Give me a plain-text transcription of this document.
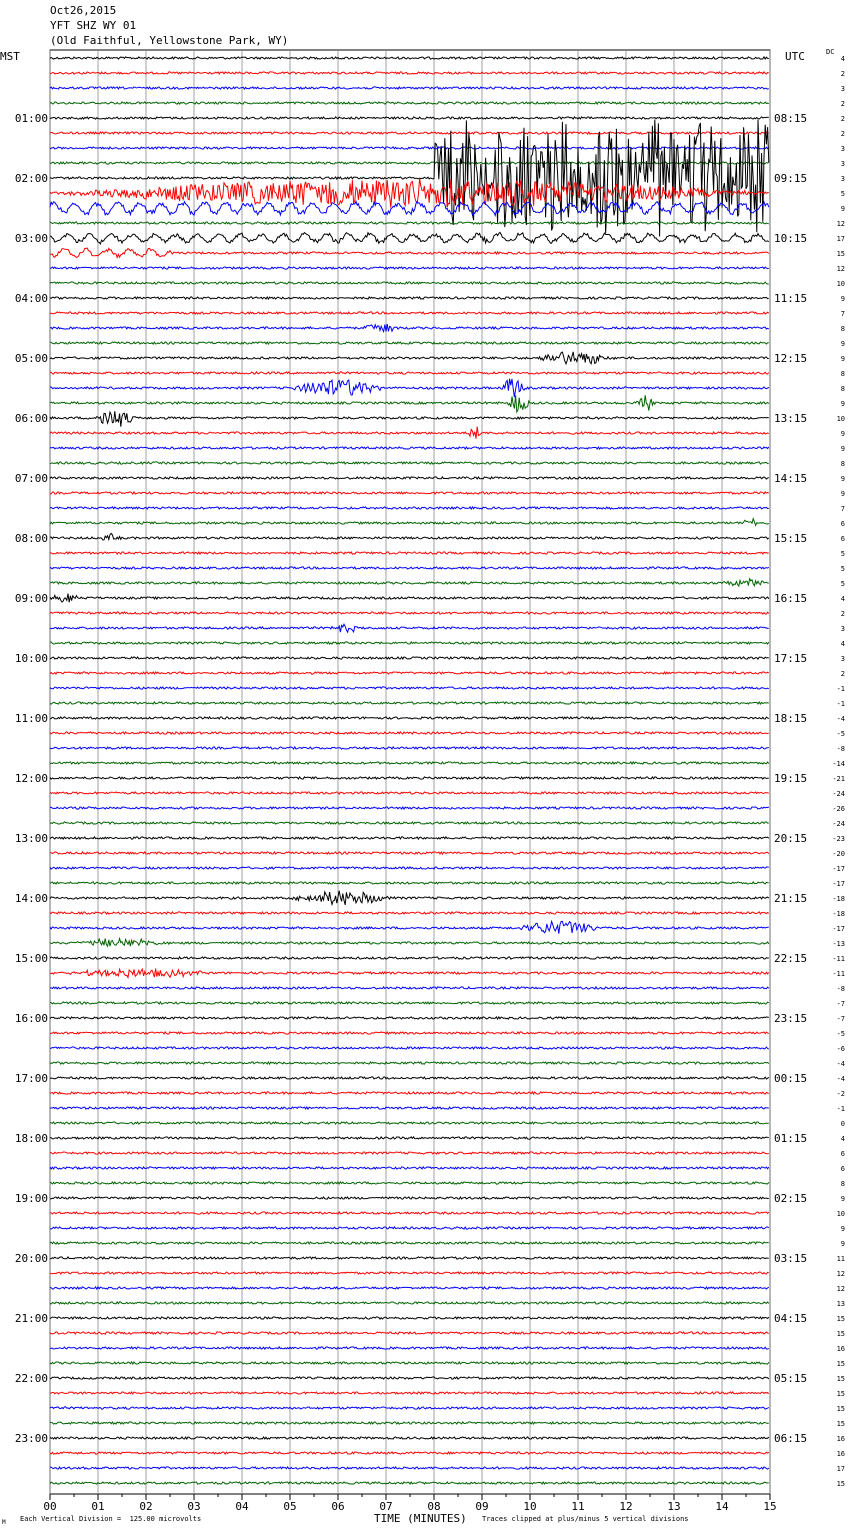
Oct26,2015
YFT SHZ WY 01
(Old Faithful, Yellowstone Park, WY)
MST	UTC	DC
00	01	02	03	04	05	06	07	08	09	10	11	12	13	14	15
4
2
3
2
2
01:00	08:15
2
3
3
3
02:00	09:15
5
9
12
17
03:00	10:15
15
12
10
9
04:00	11:15
7
8
9
9
05:00	12:15
8
8
9
10
06:00	13:15
9
9
8
9
07:00	14:15
9
7
6
6
08:00	15:15
5
5
5
4
09:00	16:15
2
3
4
3
10:00	17:15
2
-1
-1
-4
11:00	18:15
-5
-8
-14
-21
12:00	19:15
-24
-26
-24
-23
13:00	20:15
-20
-17
-17
-18
14:00	21:15
-18
-17
-13
-11
15:00	22:15
-11
-8
-7
-7
16:00	23:15
-5
-6
-4
-4
17:00	00:15
-2
-1
0
4
18:00	01:15
6
6
8
9
19:00	02:15
10
9
9
11
20:00	03:15
12
12
13
15
21:00	04:15
15
16
15
15
22:00	05:15
15
15
15
16
23:00	06:15
16
17
15
M Each Vertical Division =  125.00 microvolts	TIME (MINUTES) Traces clipped at plus/minus 5 vertical divisions
